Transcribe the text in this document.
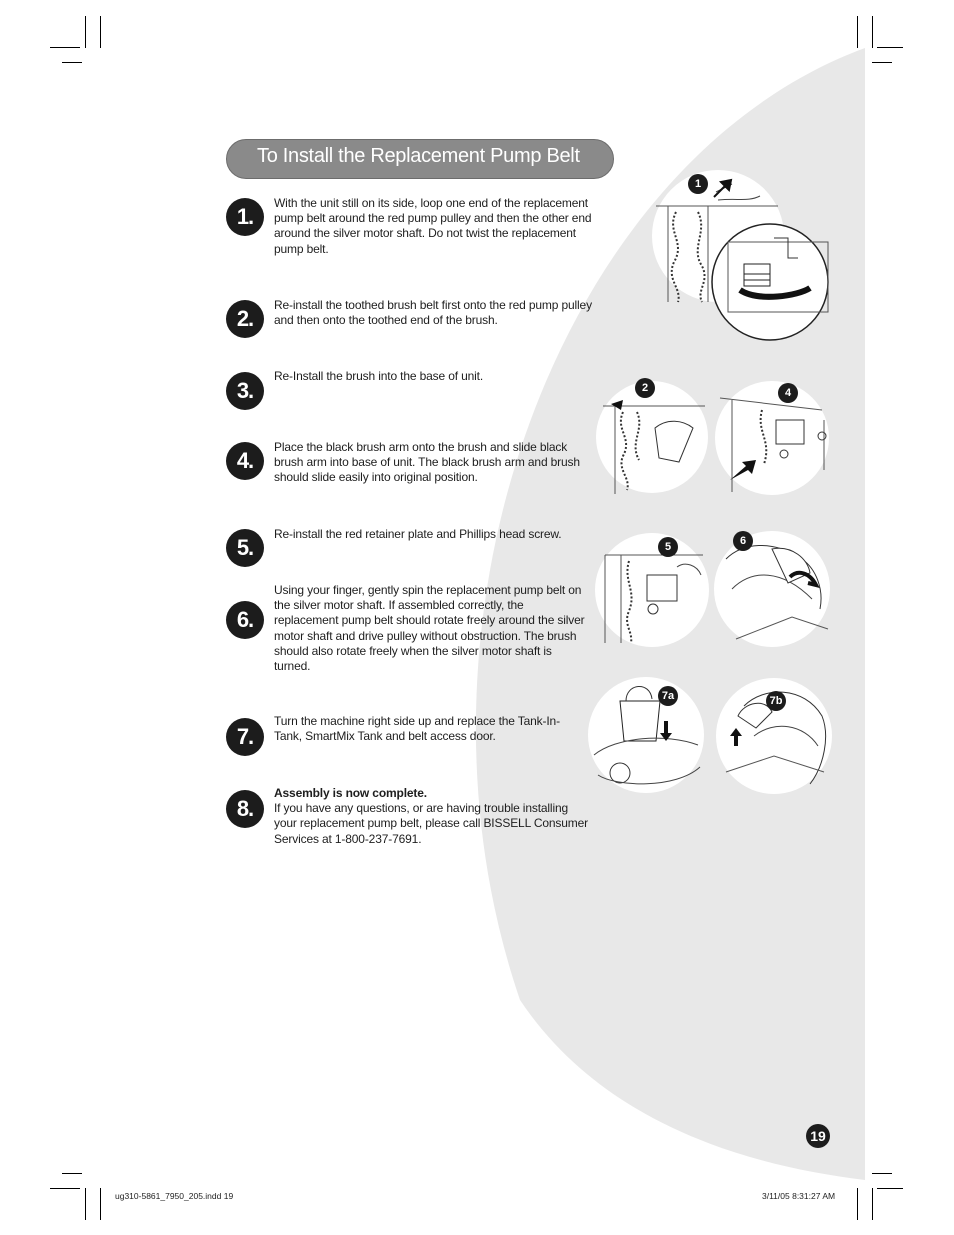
To Install the Replacement Pump Belt
1.
With the unit still on its side, loop one end of the replacement pump belt around the red pump pulley and then the other end around the silver motor shaft. Do not twist the replacement pump belt.
2.
Re-install the toothed brush belt first onto the red pump pulley and then onto the toothed end of the brush.
3.
Re-Install the brush into the base of unit.
4.
Place the black brush arm onto the brush and slide black brush arm into base of unit. The black brush arm and brush should slide easily into original position.
5.
Re-install the red retainer plate and Phillips head screw.
6.
Using your finger, gently spin the replacement pump belt on the silver motor shaft. If assembled correctly, the replacement pump belt should rotate freely around the silver motor shaft and drive pulley without obstruction. The brush should also rotate freely when the silver motor shaft is turned.
7.
Turn the machine right side up and replace the Tank-In-Tank, SmartMix Tank and belt access door.
8.
Assembly is now complete.
If you have any questions, or are having trouble installing your replacement pump belt, please call BISSELL Consumer Services at 1-800-237-7691.
1
2	4
5	6
7a	7b
19
ug310-5861_7950_205.indd 19	3/11/05 8:31:27 AM
